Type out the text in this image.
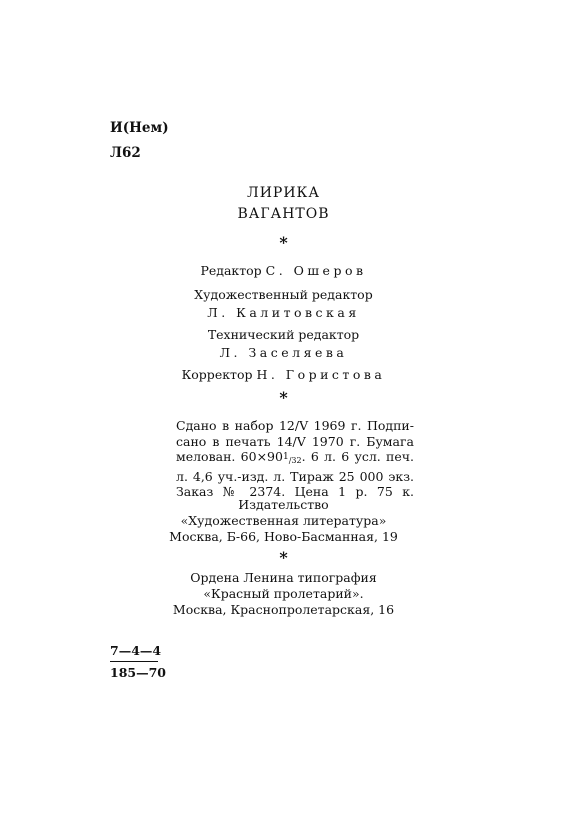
И(Нем)
Л62
ЛИРИКА
ВАГАНТОВ
*
Редактор С. Ошеров
Художественный редактор
Л. Калитовская
Технический редактор
Л. Заселяева
Корректор Н. Гористова
*
Сдано в набор 12/V 1969 г. Подпи-
сано в печать 14/V 1970 г. Бумага
мелован. $60\times 901_{/32}$. 6 л. 6 усл. печ.
л. 4,6 уч.-изд. л. Тираж 25 000 экз.
Заказ № 2374. Цена 1 р. 75 к.
Издательство
«Художественная литература»
Москва, Б-66, Ново-Басманная, 19
*
Ордена Ленина типография
«Красный пролетарий».
Москва, Краснопролетарская, 16
7—4—4
185—70
